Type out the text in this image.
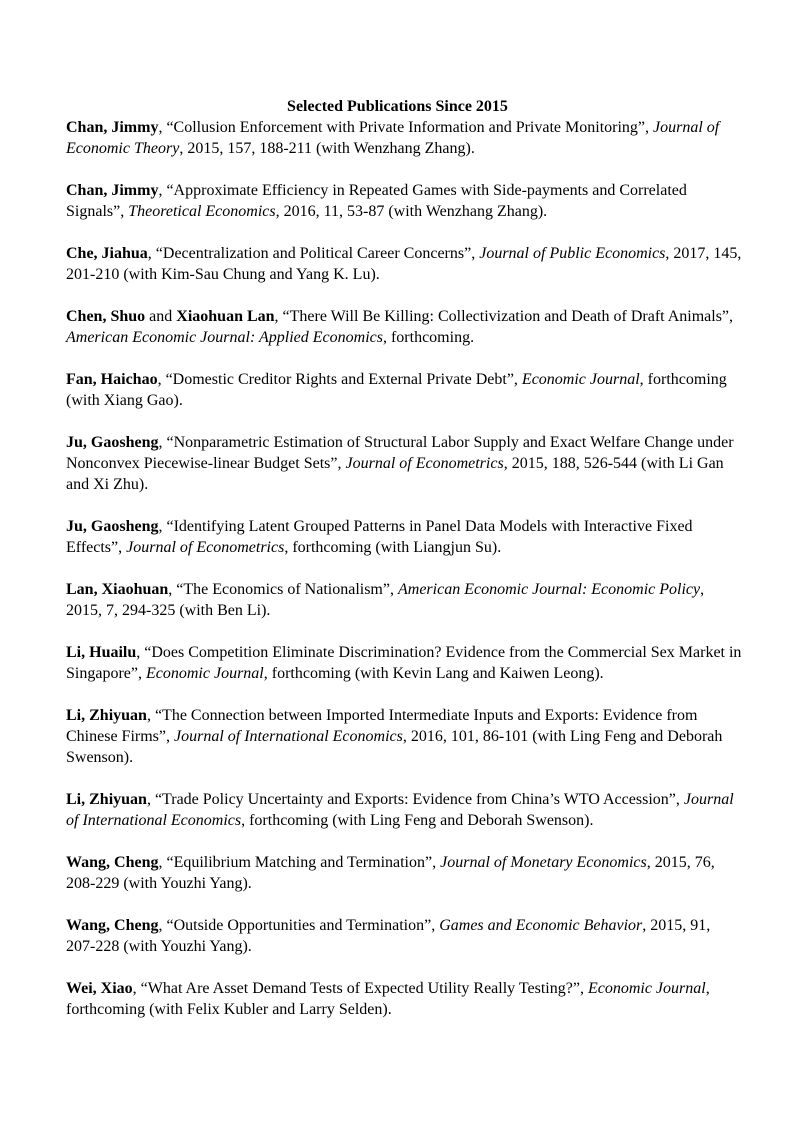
Selected Publications Since 2015

Chan, Jimmy, “Collusion Enforcement with Private Information and Private Monitoring”, Journal of Economic Theory, 2015, 157, 188-211 (with Wenzhang Zhang).

Chan, Jimmy, “Approximate Efficiency in Repeated Games with Side-payments and Correlated Signals”, Theoretical Economics, 2016, 11, 53-87 (with Wenzhang Zhang).

Che, Jiahua, “Decentralization and Political Career Concerns”, Journal of Public Economics, 2017, 145, 201-210 (with Kim-Sau Chung and Yang K. Lu).

Chen, Shuo and Xiaohuan Lan, “There Will Be Killing: Collectivization and Death of Draft Animals”, American Economic Journal: Applied Economics, forthcoming.

Fan, Haichao, “Domestic Creditor Rights and External Private Debt”, Economic Journal, forthcoming (with Xiang Gao).

Ju, Gaosheng, “Nonparametric Estimation of Structural Labor Supply and Exact Welfare Change under Nonconvex Piecewise-linear Budget Sets”, Journal of Econometrics, 2015, 188, 526-544 (with Li Gan and Xi Zhu).

Ju, Gaosheng, “Identifying Latent Grouped Patterns in Panel Data Models with Interactive Fixed Effects”, Journal of Econometrics, forthcoming (with Liangjun Su).

Lan, Xiaohuan, “The Economics of Nationalism”, American Economic Journal: Economic Policy, 2015, 7, 294-325 (with Ben Li).

Li, Huailu, “Does Competition Eliminate Discrimination? Evidence from the Commercial Sex Market in Singapore”, Economic Journal, forthcoming (with Kevin Lang and Kaiwen Leong).

Li, Zhiyuan, “The Connection between Imported Intermediate Inputs and Exports: Evidence from Chinese Firms”, Journal of International Economics, 2016, 101, 86-101 (with Ling Feng and Deborah Swenson).

Li, Zhiyuan, “Trade Policy Uncertainty and Exports: Evidence from China’s WTO Accession”, Journal of International Economics, forthcoming (with Ling Feng and Deborah Swenson).

Wang, Cheng, “Equilibrium Matching and Termination”, Journal of Monetary Economics, 2015, 76, 208-229 (with Youzhi Yang).

Wang, Cheng, “Outside Opportunities and Termination”, Games and Economic Behavior, 2015, 91, 207-228 (with Youzhi Yang).

Wei, Xiao, “What Are Asset Demand Tests of Expected Utility Really Testing?”, Economic Journal, forthcoming (with Felix Kubler and Larry Selden).
